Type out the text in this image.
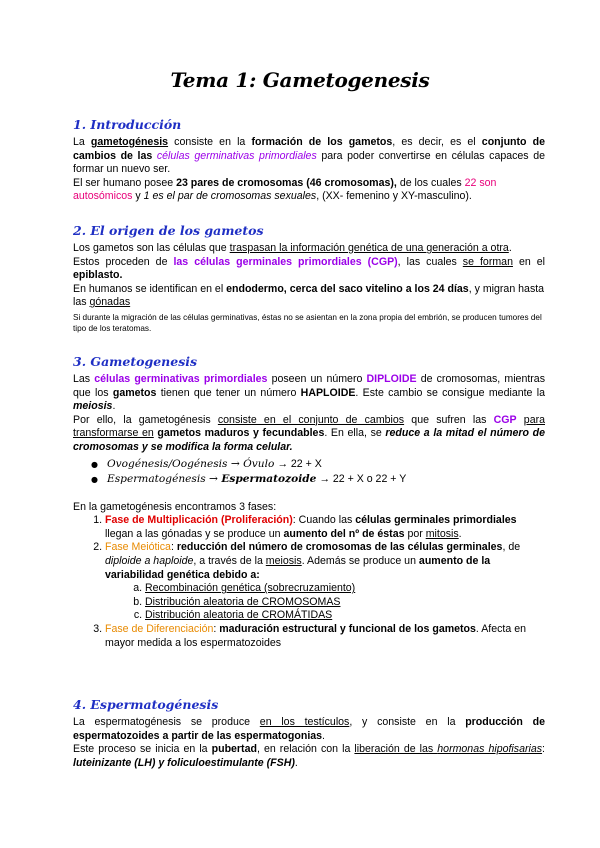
Tema 1: Gametogenesis
1. Introducción

La gametogénesis consiste en la formación de los gametos, es decir, es el conjunto de cambios de las células germinativas primordiales para poder convertirse en células capaces de formar un nuevo ser.

El ser humano posee 23 pares de cromosomas (46 cromosomas), de los cuales 22 son autosómicos y 1 es el par de cromosomas sexuales, (XX- femenino y XY-masculino).

2. El origen de los gametos

Los gametos son las células que traspasan la información genética de una generación a otra.

Estos proceden de las células germinales primordiales (CGP), las cuales se forman en el epiblasto.

En humanos se identifican en el endodermo, cerca del saco vitelino a los 24 días, y migran hasta las gónadas

Si durante la migración de las células germinativas, éstas no se asientan en la zona propia del embrión, se producen tumores del tipo de los teratomas.

3. Gametogenesis

Las células germinativas primordiales poseen un número DIPLOIDE de cromosomas, mientras que los gametos tienen que tener un número HAPLOIDE. Este cambio se consigue mediante la meiosis.

Por ello, la gametogénesis consiste en el conjunto de cambios que sufren las CGP para transformarse en gametos maduros y fecundables. En ella, se reduce a la mitad el número de cromosomas y se modifica la forma celular.

● Ovogénesis/Oogénesis → Óvulo → 22 + X
● Espermatogénesis → Espermatozoide → 22 + X o 22 + Y

En la gametogénesis encontramos 3 fases:

1. Fase de Multiplicación (Proliferación): Cuando las células germinales primordiales llegan a las gónadas y se produce un aumento del nº de éstas por mitosis.
2. Fase Meiótica: reducción del número de cromosomas de las células germinales, de diploide a haploide, a través de la meiosis. Además se produce un aumento de la variabilidad genética debido a:
a. Recombinación genética (sobrecruzamiento)
b. Distribución aleatoria de CROMOSOMAS
c. Distribución aleatoria de CROMÁTIDAS
3. Fase de Diferenciación: maduración estructural y funcional de los gametos. Afecta en mayor medida a los espermatozoides
4. Espermatogénesis

La espermatogénesis se produce en los testículos, y consiste en la producción de espermatozoides a partir de las espermatogonias.

Este proceso se inicia en la pubertad, en relación con la liberación de las hormonas hipofisarias: luteinizante (LH) y foliculoestimulante (FSH).
